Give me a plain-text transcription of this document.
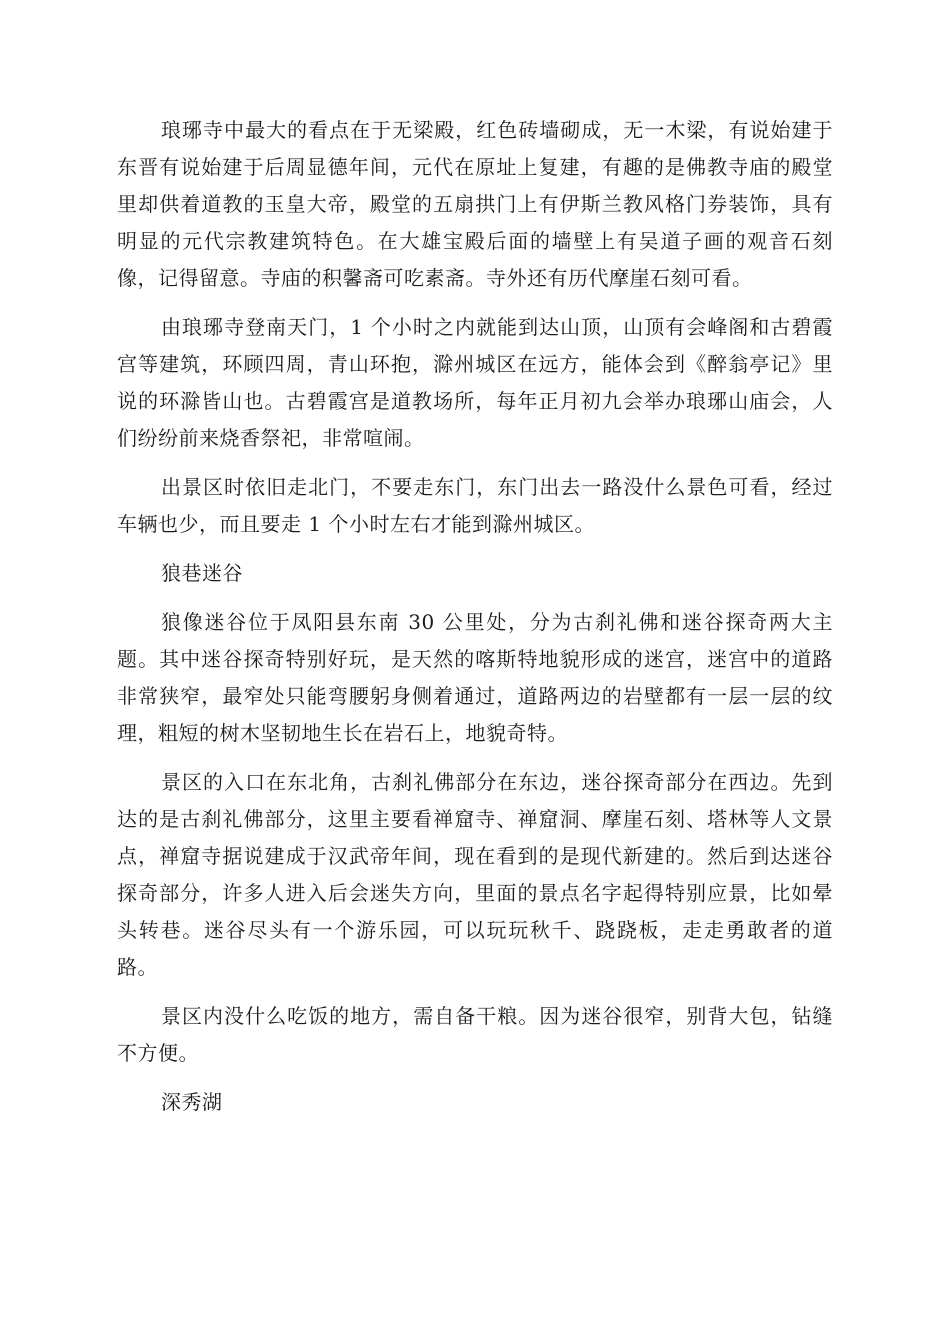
琅琊寺中最大的看点在于无梁殿，红色砖墙砌成，无一木梁，有说始建于东晋有说始建于后周显德年间，元代在原址上复建，有趣的是佛教寺庙的殿堂里却供着道教的玉皇大帝，殿堂的五扇拱门上有伊斯兰教风格门券装饰，具有明显的元代宗教建筑特色。在大雄宝殿后面的墙壁上有吴道子画的观音石刻像，记得留意。寺庙的积馨斋可吃素斋。寺外还有历代摩崖石刻可看。

由琅琊寺登南天门，1 个小时之内就能到达山顶，山顶有会峰阁和古碧霞宫等建筑，环顾四周，青山环抱，滁州城区在远方，能体会到《醉翁亭记》里说的环滁皆山也。古碧霞宫是道教场所，每年正月初九会举办琅琊山庙会，人们纷纷前来烧香祭祀，非常喧闹。

出景区时依旧走北门，不要走东门，东门出去一路没什么景色可看，经过车辆也少，而且要走 1 个小时左右才能到滁州城区。

狼巷迷谷

狼像迷谷位于凤阳县东南 30 公里处，分为古刹礼佛和迷谷探奇两大主题。其中迷谷探奇特别好玩，是天然的喀斯特地貌形成的迷宫，迷宫中的道路非常狭窄，最窄处只能弯腰躬身侧着通过，道路两边的岩壁都有一层一层的纹理，粗短的树木坚韧地生长在岩石上，地貌奇特。

景区的入口在东北角，古刹礼佛部分在东边，迷谷探奇部分在西边。先到达的是古刹礼佛部分，这里主要看禅窟寺、禅窟洞、摩崖石刻、塔林等人文景点，禅窟寺据说建成于汉武帝年间，现在看到的是现代新建的。然后到达迷谷探奇部分，许多人进入后会迷失方向，里面的景点名字起得特别应景，比如晕头转巷。迷谷尽头有一个游乐园，可以玩玩秋千、跷跷板，走走勇敢者的道路。

景区内没什么吃饭的地方，需自备干粮。因为迷谷很窄，别背大包，钻缝不方便。

深秀湖
